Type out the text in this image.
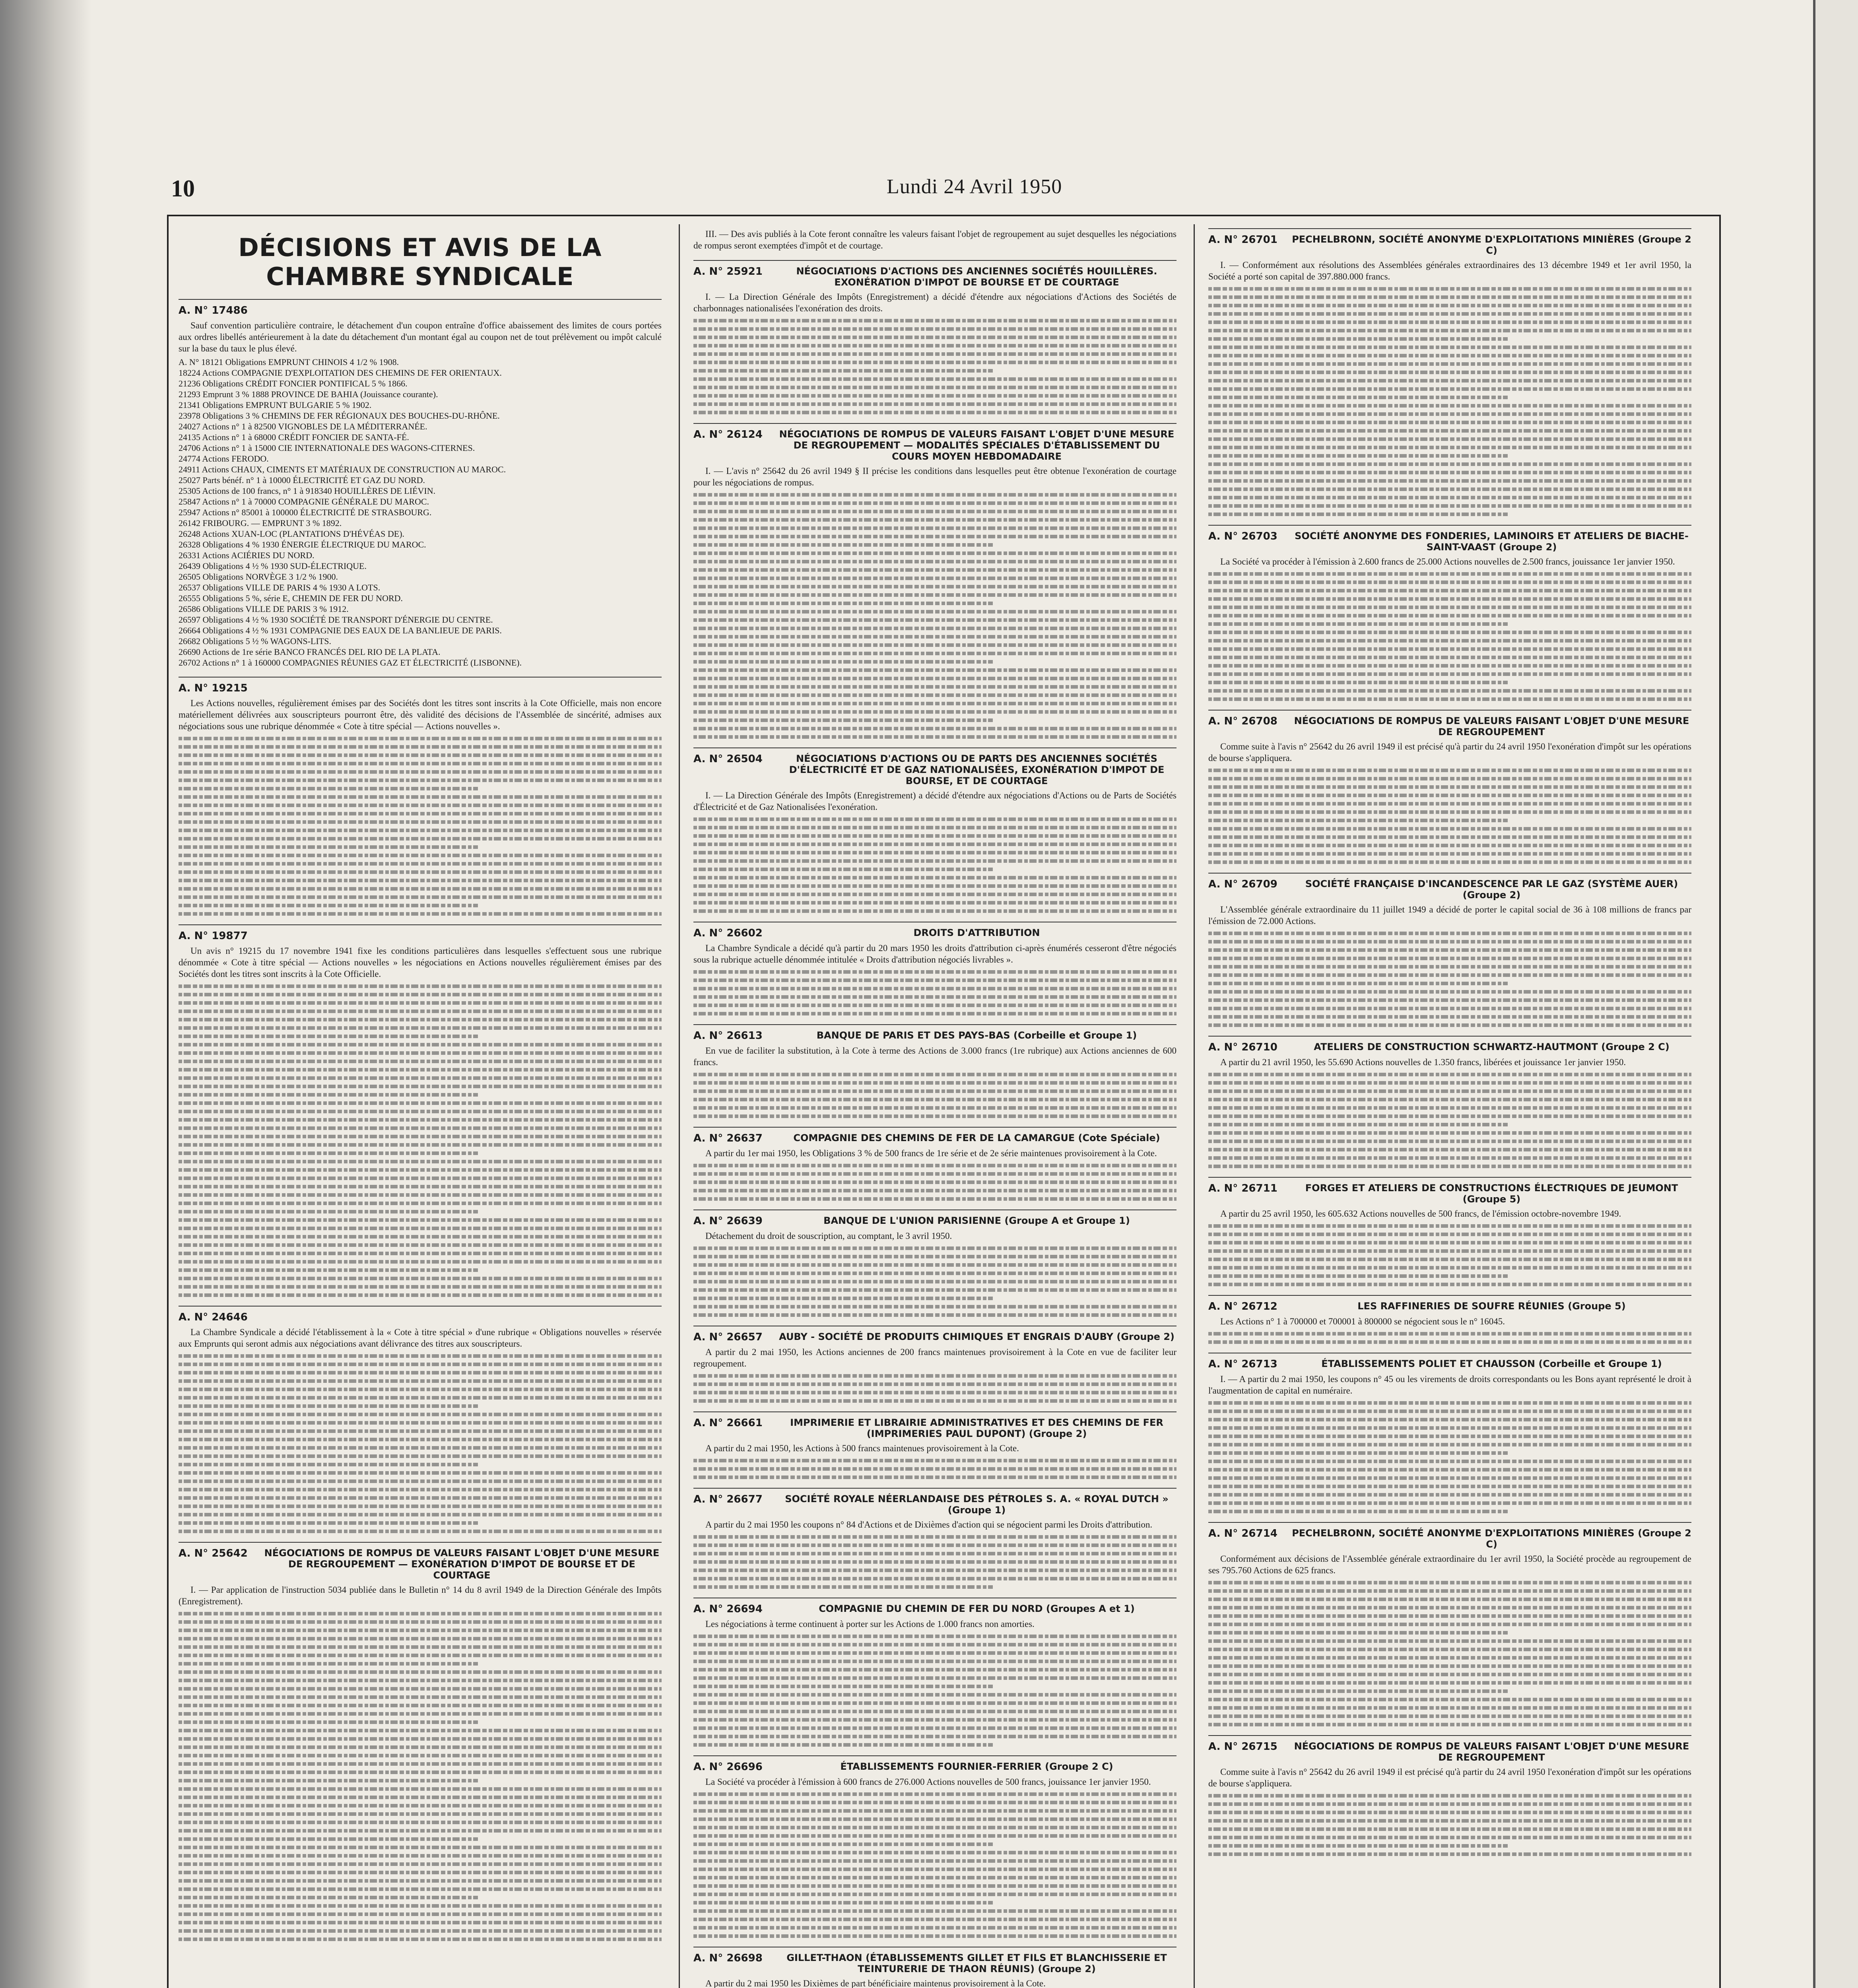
10	Lundi 24 Avril 1950
DÉCISIONS ET AVIS DE LA CHAMBRE SYNDICALE
A. N° 17486

Sauf convention particulière contraire, le détachement d'un coupon entraîne d'office abaissement des limites de cours portées aux ordres libellés antérieurement à la date du détachement d'un montant égal au coupon net de tout prélèvement ou impôt calculé sur la base du taux le plus élevé.

A. N° 18121 Obligations EMPRUNT CHINOIS 4 1/2 % 1908.
18224 Actions COMPAGNIE D'EXPLOITATION DES CHEMINS DE FER ORIENTAUX.
21236 Obligations CRÉDIT FONCIER PONTIFICAL 5 % 1866.
21293 Emprunt 3 % 1888 PROVINCE DE BAHIA (Jouissance courante).
21341 Obligations EMPRUNT BULGARIE 5 % 1902.
23978 Obligations 3 % CHEMINS DE FER RÉGIONAUX DES BOUCHES-DU-RHÔNE.
24027 Actions n° 1 à 82500 VIGNOBLES DE LA MÉDITERRANÉE.
24135 Actions n° 1 à 68000 CRÉDIT FONCIER DE SANTA-FÉ.
24706 Actions n° 1 à 15000 CIE INTERNATIONALE DES WAGONS-CITERNES.
24774 Actions FERODO.
24911 Actions CHAUX, CIMENTS ET MATÉRIAUX DE CONSTRUCTION AU MAROC.
25027 Parts bénéf. n° 1 à 10000 ÉLECTRICITÉ ET GAZ DU NORD.
25305 Actions de 100 francs, n° 1 à 918340 HOUILLÈRES DE LIÉVIN.
25847 Actions n° 1 à 70000 COMPAGNIE GÉNÉRALE DU MAROC.
25947 Actions n° 85001 à 100000 ÉLECTRICITÉ DE STRASBOURG.
26142 FRIBOURG. — EMPRUNT 3 % 1892.
26248 Actions XUAN-LOC (PLANTATIONS D'HÉVÉAS DE).
26328 Obligations 4 % 1930 ÉNERGIE ÉLECTRIQUE DU MAROC.
26331 Actions ACIÉRIES DU NORD.
26439 Obligations 4 ½ % 1930 SUD-ÉLECTRIQUE.
26505 Obligations NORVÈGE 3 1/2 % 1900.
26537 Obligations VILLE DE PARIS 4 % 1930 A LOTS.
26555 Obligations 5 %, série E, CHEMIN DE FER DU NORD.
26586 Obligations VILLE DE PARIS 3 % 1912.
26597 Obligations 4 ½ % 1930 SOCIÉTÉ DE TRANSPORT D'ÉNERGIE DU CENTRE.
26664 Obligations 4 ½ % 1931 COMPAGNIE DES EAUX DE LA BANLIEUE DE PARIS.
26682 Obligations 5 ½ % WAGONS-LITS.
26690 Actions de 1re série BANCO FRANCÉS DEL RIO DE LA PLATA.
26702 Actions n° 1 à 160000 COMPAGNIES RÉUNIES GAZ ET ÉLECTRICITÉ (LISBONNE).
A. N° 19215

Les Actions nouvelles, régulièrement émises par des Sociétés dont les titres sont inscrits à la Cote Officielle, mais non encore matériellement délivrées aux souscripteurs pourront être, dès validité des décisions de l'Assemblée de sincérité, admises aux négociations sous une rubrique dénommée « Cote à titre spécial — Actions nouvelles ».

A. N° 19877

Un avis n° 19215 du 17 novembre 1941 fixe les conditions particulières dans lesquelles s'effectuent sous une rubrique dénommée « Cote à titre spécial — Actions nouvelles » les négociations en Actions nouvelles régulièrement émises par des Sociétés dont les titres sont inscrits à la Cote Officielle.

A. N° 24646

La Chambre Syndicale a décidé l'établissement à la « Cote à titre spécial » d'une rubrique « Obligations nouvelles » réservée aux Emprunts qui seront admis aux négociations avant délivrance des titres aux souscripteurs.

A. N° 25642	NÉGOCIATIONS DE ROMPUS DE VALEURS FAISANT L'OBJET D'UNE MESURE DE REGROUPEMENT — EXONÉRATION D'IMPOT DE BOURSE ET DE COURTAGE

I. — Par application de l'instruction 5034 publiée dans le Bulletin n° 14 du 8 avril 1949 de la Direction Générale des Impôts (Enregistrement).

III. — Des avis publiés à la Cote feront connaître les valeurs faisant l'objet de regroupement au sujet desquelles les négociations de rompus seront exemptées d'impôt et de courtage.

A. N° 25921	NÉGOCIATIONS D'ACTIONS DES ANCIENNES SOCIÉTÉS HOUILLÈRES. EXONÉRATION D'IMPOT DE BOURSE ET DE COURTAGE

I. — La Direction Générale des Impôts (Enregistrement) a décidé d'étendre aux négociations d'Actions des Sociétés de charbonnages nationalisées l'exonération des droits.

A. N° 26124	NÉGOCIATIONS DE ROMPUS DE VALEURS FAISANT L'OBJET D'UNE MESURE DE REGROUPEMENT — MODALITÉS SPÉCIALES D'ÉTABLISSEMENT DU COURS MOYEN HEBDOMADAIRE

I. — L'avis n° 25642 du 26 avril 1949 § II précise les conditions dans lesquelles peut être obtenue l'exonération de courtage pour les négociations de rompus.

A. N° 26504	NÉGOCIATIONS D'ACTIONS OU DE PARTS DES ANCIENNES SOCIÉTÉS D'ÉLECTRICITÉ ET DE GAZ NATIONALISÉES, EXONÉRATION D'IMPOT DE BOURSE, ET DE COURTAGE

I. — La Direction Générale des Impôts (Enregistrement) a décidé d'étendre aux négociations d'Actions ou de Parts de Sociétés d'Électricité et de Gaz Nationalisées l'exonération.

A. N° 26602	DROITS D'ATTRIBUTION

La Chambre Syndicale a décidé qu'à partir du 20 mars 1950 les droits d'attribution ci-après énumérés cesseront d'être négociés sous la rubrique actuelle dénommée intitulée « Droits d'attribution négociés livrables ».

A. N° 26613	BANQUE DE PARIS ET DES PAYS-BAS (Corbeille et Groupe 1)

En vue de faciliter la substitution, à la Cote à terme des Actions de 3.000 francs (1re rubrique) aux Actions anciennes de 600 francs.

A. N° 26637	COMPAGNIE DES CHEMINS DE FER DE LA CAMARGUE (Cote Spéciale)

A partir du 1er mai 1950, les Obligations 3 % de 500 francs de 1re série et de 2e série maintenues provisoirement à la Cote.

A. N° 26639	BANQUE DE L'UNION PARISIENNE (Groupe A et Groupe 1)

Détachement du droit de souscription, au comptant, le 3 avril 1950.

A. N° 26657	AUBY - SOCIÉTÉ DE PRODUITS CHIMIQUES ET ENGRAIS D'AUBY (Groupe 2)

A partir du 2 mai 1950, les Actions anciennes de 200 francs maintenues provisoirement à la Cote en vue de faciliter leur regroupement.

A. N° 26661	IMPRIMERIE ET LIBRAIRIE ADMINISTRATIVES ET DES CHEMINS DE FER (IMPRIMERIES PAUL DUPONT) (Groupe 2)

A partir du 2 mai 1950, les Actions à 500 francs maintenues provisoirement à la Cote.

A. N° 26677	SOCIÉTÉ ROYALE NÉERLANDAISE DES PÉTROLES S. A. « ROYAL DUTCH » (Groupe 1)

A partir du 2 mai 1950 les coupons n° 84 d'Actions et de Dixièmes d'action qui se négocient parmi les Droits d'attribution.

A. N° 26694	COMPAGNIE DU CHEMIN DE FER DU NORD (Groupes A et 1)

Les négociations à terme continuent à porter sur les Actions de 1.000 francs non amorties.

A. N° 26696	ÉTABLISSEMENTS FOURNIER-FERRIER (Groupe 2 C)

La Société va procéder à l'émission à 600 francs de 276.000 Actions nouvelles de 500 francs, jouissance 1er janvier 1950.

A. N° 26698	GILLET-THAON (ÉTABLISSEMENTS GILLET ET FILS ET BLANCHISSERIE ET TEINTURERIE DE THAON RÉUNIS) (Groupe 2)

A partir du 2 mai 1950 les Dixièmes de part bénéficiaire maintenus provisoirement à la Cote.

A. N° 26701	PECHELBRONN, SOCIÉTÉ ANONYME D'EXPLOITATIONS MINIÈRES (Groupe 2 C)

I. — Conformément aux résolutions des Assemblées générales extraordinaires des 13 décembre 1949 et 1er avril 1950, la Société a porté son capital de 397.880.000 francs.

A. N° 26703	SOCIÉTÉ ANONYME DES FONDERIES, LAMINOIRS ET ATELIERS DE BIACHE-SAINT-VAAST (Groupe 2)

La Société va procéder à l'émission à 2.600 francs de 25.000 Actions nouvelles de 2.500 francs, jouissance 1er janvier 1950.

A. N° 26708	NÉGOCIATIONS DE ROMPUS DE VALEURS FAISANT L'OBJET D'UNE MESURE DE REGROUPEMENT

Comme suite à l'avis n° 25642 du 26 avril 1949 il est précisé qu'à partir du 24 avril 1950 l'exonération d'impôt sur les opérations de bourse s'appliquera.

A. N° 26709	SOCIÉTÉ FRANÇAISE D'INCANDESCENCE PAR LE GAZ (SYSTÈME AUER) (Groupe 2)

L'Assemblée générale extraordinaire du 11 juillet 1949 a décidé de porter le capital social de 36 à 108 millions de francs par l'émission de 72.000 Actions.

A. N° 26710	ATELIERS DE CONSTRUCTION SCHWARTZ-HAUTMONT (Groupe 2 C)

A partir du 21 avril 1950, les 55.690 Actions nouvelles de 1.350 francs, libérées et jouissance 1er janvier 1950.

A. N° 26711	FORGES ET ATELIERS DE CONSTRUCTIONS ÉLECTRIQUES DE JEUMONT (Groupe 5)

A partir du 25 avril 1950, les 605.632 Actions nouvelles de 500 francs, de l'émission octobre-novembre 1949.

A. N° 26712	LES RAFFINERIES DE SOUFRE RÉUNIES (Groupe 5)

Les Actions n° 1 à 700000 et 700001 à 800000 se négocient sous le n° 16045.

A. N° 26713	ÉTABLISSEMENTS POLIET ET CHAUSSON (Corbeille et Groupe 1)

I. — A partir du 2 mai 1950, les coupons n° 45 ou les virements de droits correspondants ou les Bons ayant représenté le droit à l'augmentation de capital en numéraire.

A. N° 26714	PECHELBRONN, SOCIÉTÉ ANONYME D'EXPLOITATIONS MINIÈRES (Groupe 2 C)

Conformément aux décisions de l'Assemblée générale extraordinaire du 1er avril 1950, la Société procède au regroupement de ses 795.760 Actions de 625 francs.

A. N° 26715	NÉGOCIATIONS DE ROMPUS DE VALEURS FAISANT L'OBJET D'UNE MESURE DE REGROUPEMENT

Comme suite à l'avis n° 25642 du 26 avril 1949 il est précisé qu'à partir du 24 avril 1950 l'exonération d'impôt sur les opérations de bourse s'appliquera.
